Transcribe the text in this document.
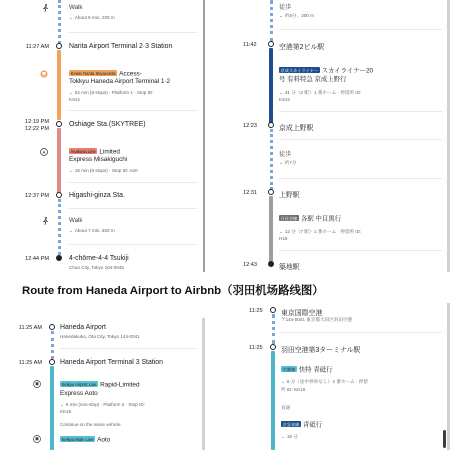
Walk
⌄ About 5 min, 200 m
11:27 AM	Narita Airport Terminal 2·3 Station
Keisei Narita Skyaccess Access-
Tokkyu Haneda Airport Terminal 1·2
⌄ 52 min (8 stops) · Platform 1 · Stop ID:
KS41
12:19 PM
12:22 PM
Oshiage Sta.(SKYTREE)
A	Asakusa Line Limited
Express Misakiguchi
⌄ 15 min (9 stops) · Stop ID: A20
12:37 PM	Higashi-ginza Sta.
Walk
⌄ About 7 min, 500 m
12:44 PM	4-chōme-4-4 Tsukiji
Chuo City, Tokyo 104-0045
徒歩
⌄ 約5分、200 m
11:42	空港第2ビル駅
京成スカイライナー スカイライナー20
号 有料特急 京成上野行
⌄ 41 分（2 駅）· 1 番ホーム · 停留所 ID:
KS41
12:23	京成上野駅
徒歩
⌄ 約7分
12:31	上野駅
日比谷線 各駅 中目黒行
⌄ 12 分（7 駅）· 1 番ホーム · 停留所 ID:
H18
12:43	築地駅
Route from Haneda Airport to Airbnb（羽田机场路线图）
11:25 AM	Haneda Airport
Hanedakuko, Ota City, Tokyo 144-0041
11:25 AM	Haneda Airport Terminal 3 Station
Keikyu Airport Line Rapid-Limited
Express Aoto
⌄ 6 min (non-stop) · Platform 2 · Stop ID:
KK16
Continue on the same vehicle
Keikyu Main Line Aoto
11:25	東京国際空港
〒144-0041 東京都大田区羽田空港
11:25	羽田空港第3ターミナル駅
空港線 快特 青砥行
⌄ 6 分（途中停車なし）· 2 番ホーム · 停留
所 ID: KK16
直通
京急本線 青砥行
⌄ 19 分
